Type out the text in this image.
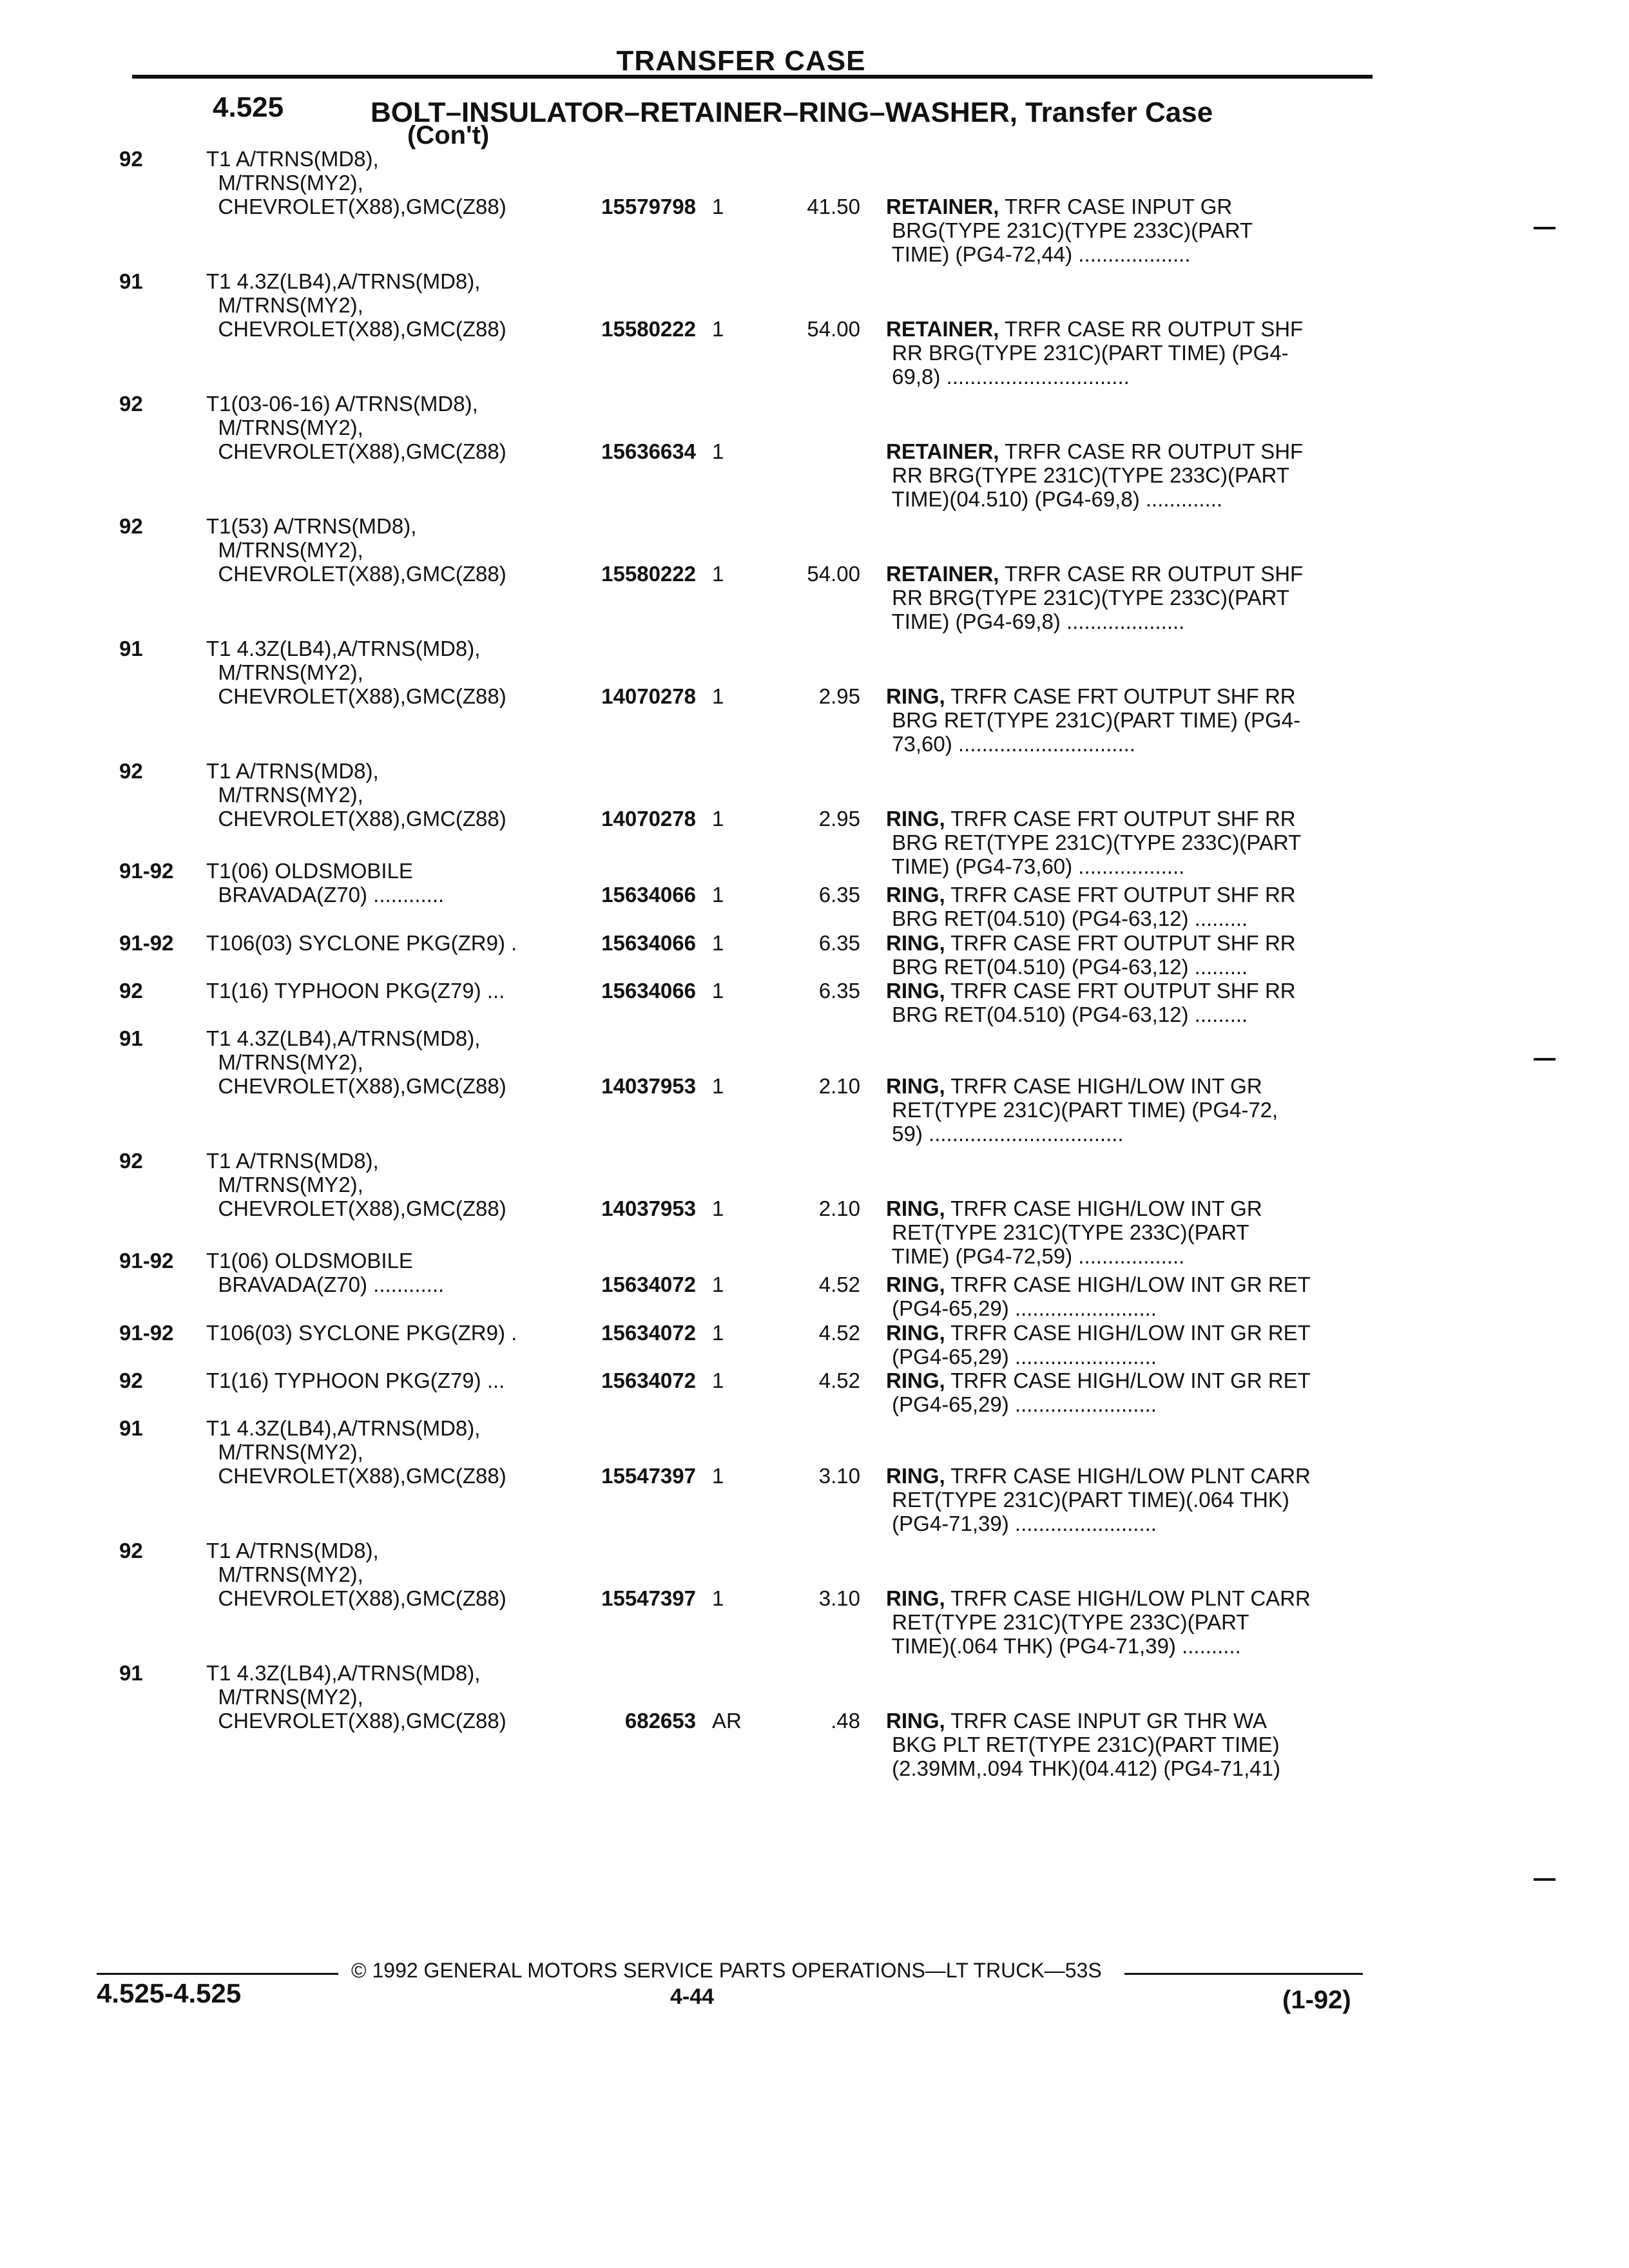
TRANSFER CASE
4.525	BOLT–INSULATOR–RETAINER–RING–WASHER, Transfer Case
(Con't)
92	T1 A/TRNS(MD8),
M/TRNS(MY2),
CHEVROLET(X88),GMC(Z88)	15579798 1	41.50 RETAINER, TRFR CASE INPUT GR
BRG(TYPE 231C)(TYPE 233C)(PART
TIME) (PG4-72,44) ...................
91	T1 4.3Z(LB4),A/TRNS(MD8),
M/TRNS(MY2),
CHEVROLET(X88),GMC(Z88)	15580222 1	54.00 RETAINER, TRFR CASE RR OUTPUT SHF
RR BRG(TYPE 231C)(PART TIME) (PG4-
69,8) ...............................
92	T1(03-06-16) A/TRNS(MD8),
M/TRNS(MY2),
CHEVROLET(X88),GMC(Z88)	15636634 1	RETAINER, TRFR CASE RR OUTPUT SHF
RR BRG(TYPE 231C)(TYPE 233C)(PART
TIME)(04.510) (PG4-69,8) .............
92	T1(53) A/TRNS(MD8),
M/TRNS(MY2),
CHEVROLET(X88),GMC(Z88)	15580222 1	54.00 RETAINER, TRFR CASE RR OUTPUT SHF
RR BRG(TYPE 231C)(TYPE 233C)(PART
TIME) (PG4-69,8) ....................
91	T1 4.3Z(LB4),A/TRNS(MD8),
M/TRNS(MY2),
CHEVROLET(X88),GMC(Z88)	14070278 1	2.95 RING, TRFR CASE FRT OUTPUT SHF RR
BRG RET(TYPE 231C)(PART TIME) (PG4-
73,60) ..............................
92	T1 A/TRNS(MD8),
M/TRNS(MY2),
CHEVROLET(X88),GMC(Z88)	14070278 1	2.95 RING, TRFR CASE FRT OUTPUT SHF RR
BRG RET(TYPE 231C)(TYPE 233C)(PART
TIME) (PG4-73,60) ..................
91-92	T1(06) OLDSMOBILE
BRAVADA(Z70) ............	15634066 1	6.35 RING, TRFR CASE FRT OUTPUT SHF RR
BRG RET(04.510) (PG4-63,12) .........
91-92	T106(03) SYCLONE PKG(ZR9) .	15634066 1	6.35 RING, TRFR CASE FRT OUTPUT SHF RR
BRG RET(04.510) (PG4-63,12) .........
92	T1(16) TYPHOON PKG(Z79) ...	15634066 1	6.35 RING, TRFR CASE FRT OUTPUT SHF RR
BRG RET(04.510) (PG4-63,12) .........
91	T1 4.3Z(LB4),A/TRNS(MD8),
M/TRNS(MY2),
CHEVROLET(X88),GMC(Z88)	14037953 1	2.10 RING, TRFR CASE HIGH/LOW INT GR
RET(TYPE 231C)(PART TIME) (PG4-72,
59) .................................
92	T1 A/TRNS(MD8),
M/TRNS(MY2),
CHEVROLET(X88),GMC(Z88)	14037953 1	2.10 RING, TRFR CASE HIGH/LOW INT GR
RET(TYPE 231C)(TYPE 233C)(PART
TIME) (PG4-72,59) ..................
91-92	T1(06) OLDSMOBILE
BRAVADA(Z70) ............	15634072 1	4.52 RING, TRFR CASE HIGH/LOW INT GR RET
(PG4-65,29) ........................
91-92	T106(03) SYCLONE PKG(ZR9) .	15634072 1	4.52 RING, TRFR CASE HIGH/LOW INT GR RET
(PG4-65,29) ........................
92	T1(16) TYPHOON PKG(Z79) ...	15634072 1	4.52 RING, TRFR CASE HIGH/LOW INT GR RET
(PG4-65,29) ........................
91	T1 4.3Z(LB4),A/TRNS(MD8),
M/TRNS(MY2),
CHEVROLET(X88),GMC(Z88)	15547397 1	3.10 RING, TRFR CASE HIGH/LOW PLNT CARR
RET(TYPE 231C)(PART TIME)(.064 THK)
(PG4-71,39) ........................
92	T1 A/TRNS(MD8),
M/TRNS(MY2),
CHEVROLET(X88),GMC(Z88)	15547397 1	3.10 RING, TRFR CASE HIGH/LOW PLNT CARR
RET(TYPE 231C)(TYPE 233C)(PART
TIME)(.064 THK) (PG4-71,39) ..........
91	T1 4.3Z(LB4),A/TRNS(MD8),
M/TRNS(MY2),
CHEVROLET(X88),GMC(Z88)	682653 AR	.48 RING, TRFR CASE INPUT GR THR WA
BKG PLT RET(TYPE 231C)(PART TIME)
(2.39MM,.094 THK)(04.412) (PG4-71,41)
© 1992 GENERAL MOTORS SERVICE PARTS OPERATIONS—LT TRUCK—53S
4.525-4.525	4-44	(1-92)
